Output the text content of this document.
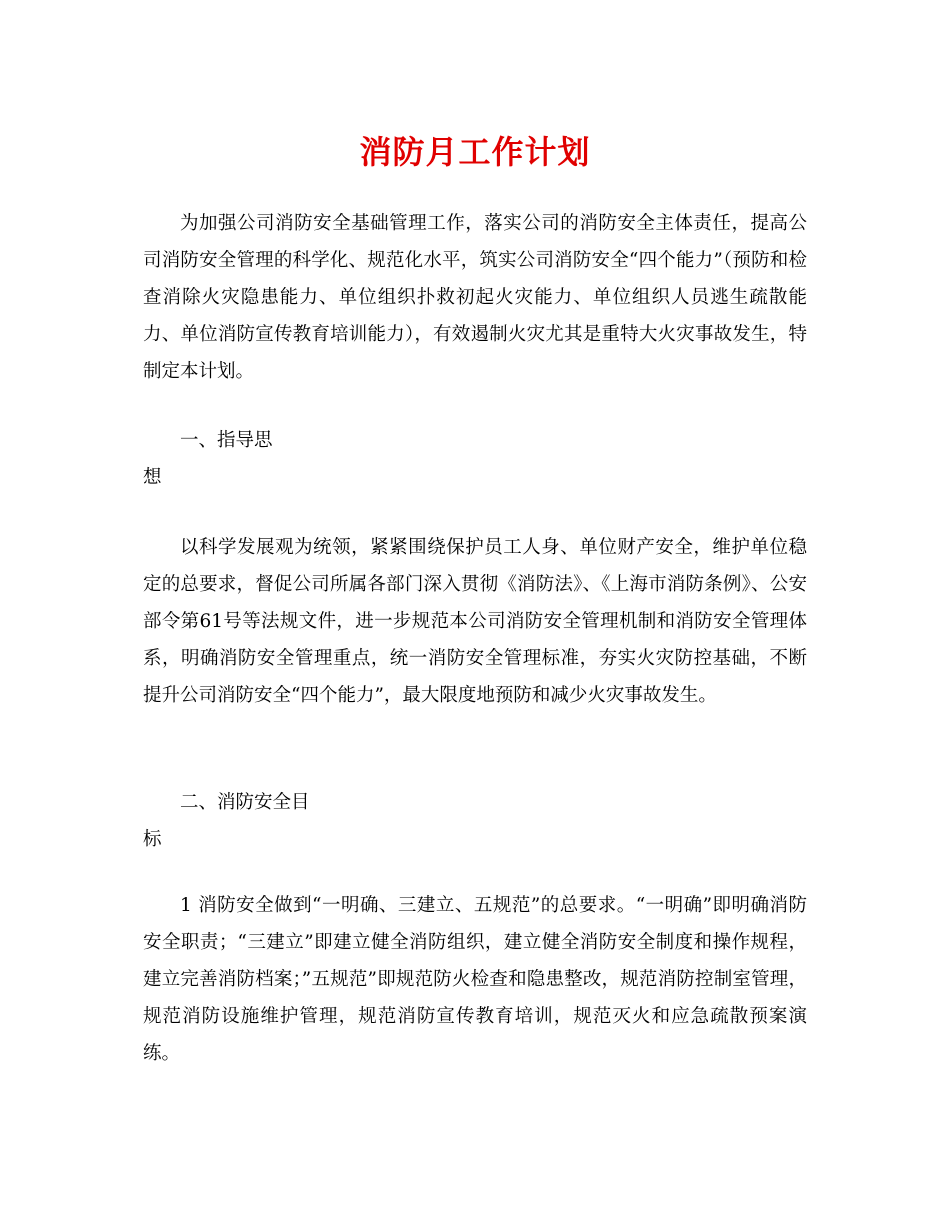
消防月工作计划
为加强公司消防安全基础管理工作，落实公司的消防安全主体责任，提高公司消防安全管理的科学化、规范化水平，筑实公司消防安全“四个能力”（预防和检查消除火灾隐患能力、单位组织扑救初起火灾能力、单位组织人员逃生疏散能力、单位消防宣传教育培训能力），有效遏制火灾尤其是重特大火灾事故发生，特制定本计划。
一、指导思
想
以科学发展观为统领，紧紧围绕保护员工人身、单位财产安全，维护单位稳定的总要求，督促公司所属各部门深入贯彻《消防法》、《上海市消防条例》、公安部令第61号等法规文件，进一步规范本公司消防安全管理机制和消防安全管理体系，明确消防安全管理重点，统一消防安全管理标准，夯实火灾防控基础，不断提升公司消防安全“四个能力”，最大限度地预防和减少火灾事故发生。
二、消防安全目
标
1 消防安全做到“一明确、三建立、五规范”的总要求。“一明确”即明确消防安全职责；“三建立”即建立健全消防组织，建立健全消防安全制度和操作规程，建立完善消防档案；”五规范”即规范防火检查和隐患整改，规范消防控制室管理，规范消防设施维护管理，规范消防宣传教育培训，规范灭火和应急疏散预案演练。
